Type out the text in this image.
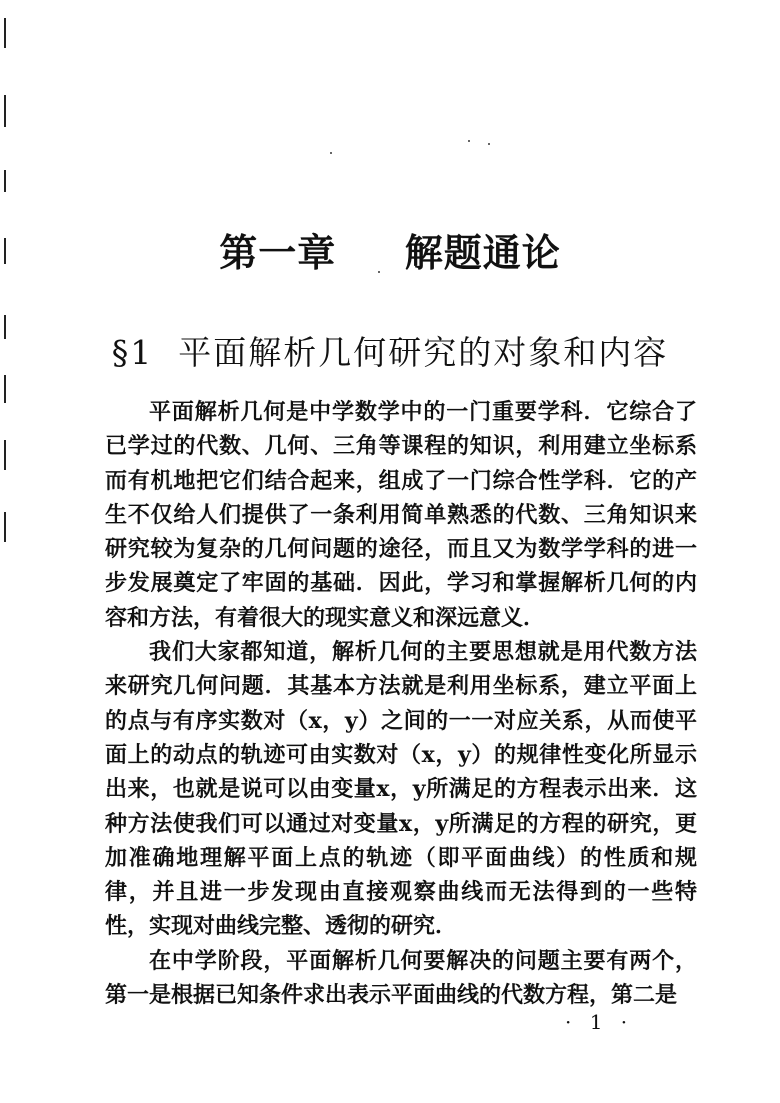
第一章  解题通论
§1  平面解析几何研究的对象和内容

平面解析几何是中学数学中的一门重要学科．它综合了已学过的代数、几何、三角等课程的知识，利用建立坐标系而有机地把它们结合起来，组成了一门综合性学科．它的产生不仅给人们提供了一条利用简单熟悉的代数、三角知识来研究较为复杂的几何问题的途径，而且又为数学学科的进一步发展奠定了牢固的基础．因此，学习和掌握解析几何的内容和方法，有着很大的现实意义和深远意义．

我们大家都知道，解析几何的主要思想就是用代数方法来研究几何问题．其基本方法就是利用坐标系，建立平面上的点与有序实数对（x，y）之间的一一对应关系，从而使平面上的动点的轨迹可由实数对（x，y）的规律性变化所显示出来，也就是说可以由变量x，y所满足的方程表示出来．这种方法使我们可以通过对变量x，y所满足的方程的研究，更加准确地理解平面上点的轨迹（即平面曲线）的性质和规律，并且进一步发现由直接观察曲线而无法得到的一些特性，实现对曲线完整、透彻的研究．

在中学阶段，平面解析几何要解决的问题主要有两个，第一是根据已知条件求出表示平面曲线的代数方程，第二是

· 1 ·
